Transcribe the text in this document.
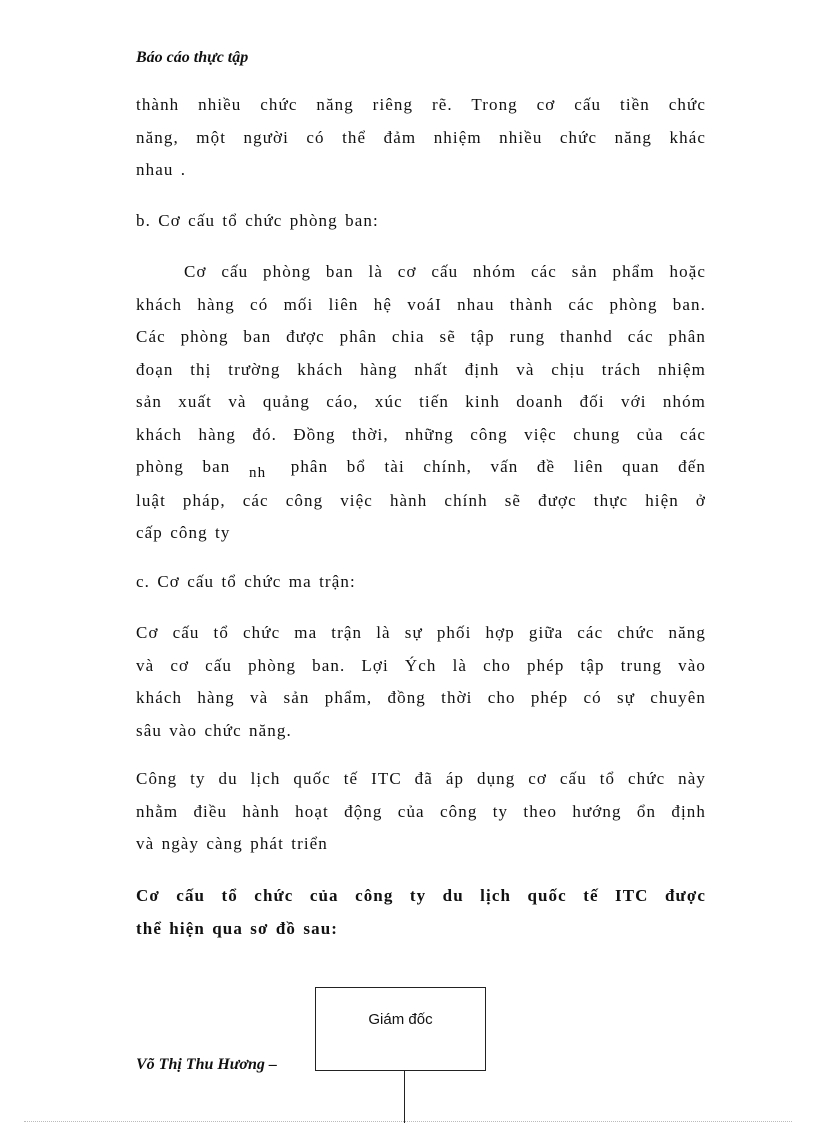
Báo cáo thực tập
thành nhiều chức năng riêng rẽ. Trong cơ cấu tiền chức
năng, một người có thể đảm nhiệm nhiều chức năng khác
nhau .
b. Cơ cấu tổ chức phòng ban:
Cơ cấu phòng ban là cơ cấu nhóm các sản phẩm hoặc
khách hàng có mối liên hệ voáI nhau thành các phòng ban.
Các phòng ban được phân chia sẽ tập rung thanhd các phân
đoạn thị trường khách hàng nhất định và chịu trách nhiệm
sản xuất và quảng cáo, xúc tiến kinh doanh đối với nhóm
khách hàng đó. Đồng thời, những công việc chung của các
phòng ban nh phân bổ tài chính, vấn đề liên quan đến
luật pháp, các công việc hành chính sẽ được thực hiện ở
cấp công ty
c. Cơ cấu tổ chức ma trận:
Cơ cấu tổ chức ma trận là sự phối hợp giữa các chức năng
và cơ cấu phòng ban. Lợi Ých là cho phép tập trung vào
khách hàng và sản phẩm, đồng thời cho phép có sự chuyên
sâu vào chức năng.
Công ty du lịch quốc tế ITC đã áp dụng cơ cấu tổ chức này
nhằm điều hành hoạt động của công ty theo hướng ổn định
và ngày càng phát triển
Cơ cấu tổ chức của công ty du lịch quốc tế ITC được
thể hiện qua sơ đồ sau:
Võ Thị Thu Hương –
Giám đốc
